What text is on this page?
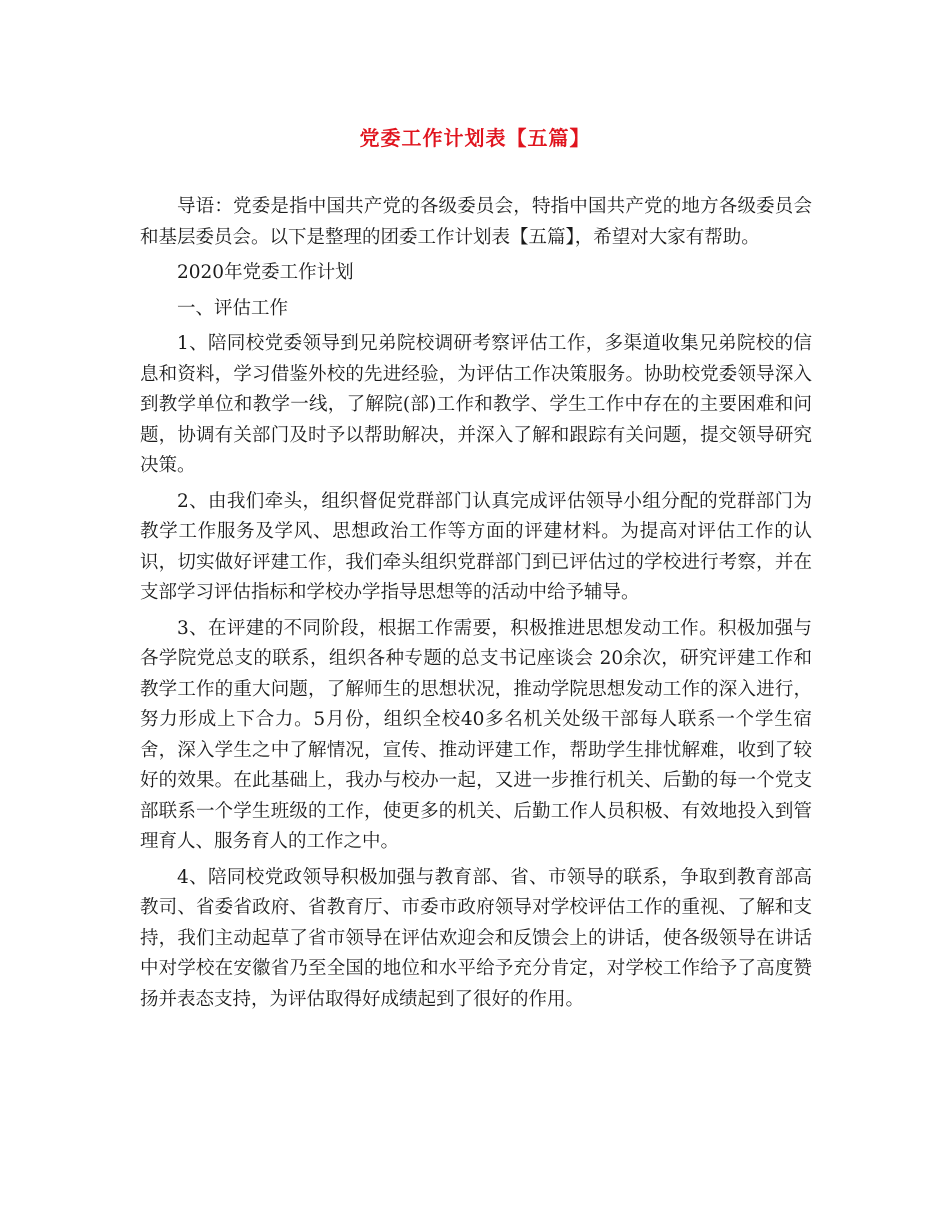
党委工作计划表【五篇】

导语：党委是指中国共产党的各级委员会，特指中国共产党的地方各级委员会和基层委员会。以下是整理的团委工作计划表【五篇】，希望对大家有帮助。

2020年党委工作计划

一、评估工作

1、陪同校党委领导到兄弟院校调研考察评估工作，多渠道收集兄弟院校的信息和资料，学习借鉴外校的先进经验，为评估工作决策服务。协助校党委领导深入到教学单位和教学一线，了解院(部)工作和教学、学生工作中存在的主要困难和问题，协调有关部门及时予以帮助解决，并深入了解和跟踪有关问题，提交领导研究决策。

2、由我们牵头，组织督促党群部门认真完成评估领导小组分配的党群部门为教学工作服务及学风、思想政治工作等方面的评建材料。为提高对评估工作的认识，切实做好评建工作，我们牵头组织党群部门到已评估过的学校进行考察，并在支部学习评估指标和学校办学指导思想等的活动中给予辅导。

3、在评建的不同阶段，根据工作需要，积极推进思想发动工作。积极加强与各学院党总支的联系，组织各种专题的总支书记座谈会 20余次，研究评建工作和教学工作的重大问题，了解师生的思想状况，推动学院思想发动工作的深入进行，努力形成上下合力。5月份，组织全校40多名机关处级干部每人联系一个学生宿舍，深入学生之中了解情况，宣传、推动评建工作，帮助学生排忧解难，收到了较好的效果。在此基础上，我办与校办一起，又进一步推行机关、后勤的每一个党支部联系一个学生班级的工作，使更多的机关、后勤工作人员积极、有效地投入到管理育人、服务育人的工作之中。

4、陪同校党政领导积极加强与教育部、省、市领导的联系，争取到教育部高教司、省委省政府、省教育厅、市委市政府领导对学校评估工作的重视、了解和支持，我们主动起草了省市领导在评估欢迎会和反馈会上的讲话，使各级领导在讲话中对学校在安徽省乃至全国的地位和水平给予充分肯定，对学校工作给予了高度赞扬并表态支持，为评估取得好成绩起到了很好的作用。
